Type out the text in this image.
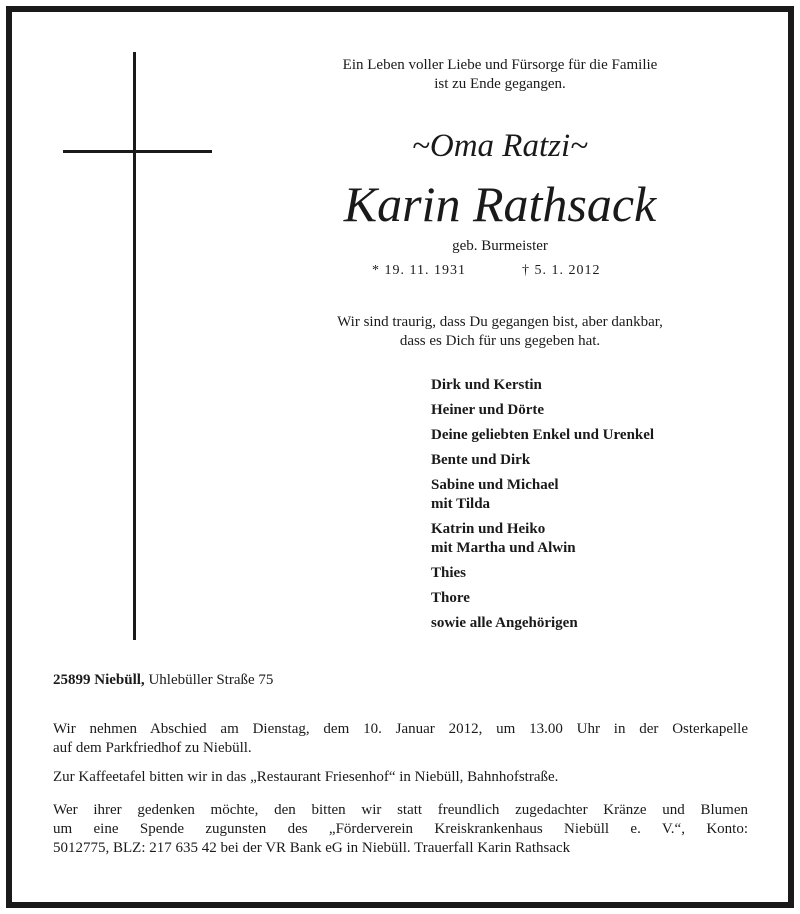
Ein Leben voller Liebe und Fürsorge für die Familie
ist zu Ende gegangen.
~Oma Ratzi~
Karin Rathsack
geb. Burmeister
* 19. 11. 1931	† 5. 1. 2012
Wir sind traurig, dass Du gegangen bist, aber dankbar,
dass es Dich für uns gegeben hat.
Dirk und Kerstin
Heiner und Dörte
Deine geliebten Enkel und Urenkel
Bente und Dirk
Sabine und Michael
mit Tilda
Katrin und Heiko
mit Martha und Alwin
Thies
Thore
sowie alle Angehörigen
25899 Niebüll, Uhlebüller Straße 75

Wir nehmen Abschied am Dienstag, dem 10. Januar 2012, um 13.00 Uhr in der Osterkapelle
auf dem Parkfriedhof zu Niebüll.

Zur Kaffeetafel bitten wir in das „Restaurant Friesenhof“ in Niebüll, Bahnhofstraße.

Wer ihrer gedenken möchte, den bitten wir statt freundlich zugedachter Kränze und Blumen
um eine Spende zugunsten des „Förderverein Kreiskrankenhaus Niebüll e. V.“, Konto:
5012775, BLZ: 217 635 42 bei der VR Bank eG in Niebüll. Trauerfall Karin Rathsack
